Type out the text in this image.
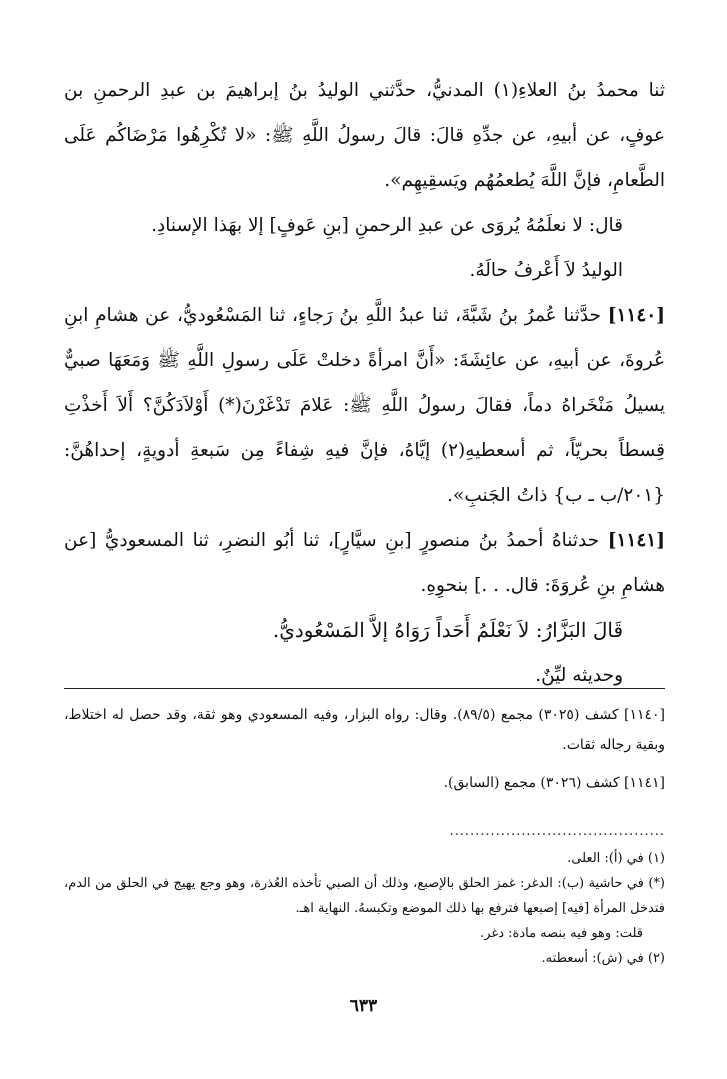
ثنا محمدُ بنُ العلاءِ(١) المدنيُّ، حدَّثني الوليدُ بنُ إبراهيمَ بن عبدِ الرحمنِ بن عوفٍ، عن أبيهِ، عن جدِّهِ قالَ: قالَ رسولُ اللَّهِ ﷺ: «لا تُكْرِهُوا مَرْضَاكُم عَلَى الطَّعامِ، فإنَّ اللَّهَ يُطعمُهُم ويَسقِيهِم».

قال: لا نعلَمُهُ يُروَى عن عبدِ الرحمنِ [بنِ عَوفٍ] إلا بهَذا الإسنادِ.

الوليدُ لاَ أَعْرفُ حالَهُ.

[١١٤٠] حدَّثنا عُمرُ بنُ شَبَّةَ، ثنا عبدُ اللَّهِ بنُ رَجاءٍ، ثنا المَسْعُوديُّ، عن هشامِ ابنِ عُروةَ، عن أبيهِ، عن عائِشَةَ: «أَنَّ امرأةً دخلتْ عَلَى رسولِ اللَّهِ ﷺ وَمَعَهَا صبيٌّ يسيلُ مَنْخَراهُ دماً، فقالَ رسولُ اللَّهِ ﷺ: عَلامَ تَدْغَرْنَ(*) أَوْلاَدَكُنَّ؟ أَلاَ أَخذْتِ قِسطاً بحريّاً، ثم أسعطيهِ(٢) إيَّاهُ، فإنَّ فيهِ شِفاءً مِن سَبعةِ أدويةٍ، إحداهُنَّ: {٢٠١/ب ـ ب} ذاتُ الجَنبِ».

[١١٤١] حدثناهُ أحمدُ بنُ منصورٍ [بنِ سيَّارٍ]، ثنا أبُو النضرِ، ثنا المسعوديُّ [عن هشامِ بنِ عُروَةَ: قال. . .] بنحوِهِ.

قَالَ البَزَّارُ: لاَ نَعْلَمُ أَحَداً رَوَاهُ إلاَّ المَسْعُوديُّ.

وحديثه ليِّنٌ.

[١١٤٠] كشف (٣٠٢٥) مجمع (٨٩/٥). وقال: رواه البزار، وفيه المسعودي وهو ثقة، وقد حصل له اختلاط، وبقية رجاله ثقات.

[١١٤١] كشف (٣٠٢٦) مجمع (السابق).

..........................................

(١) في (أ): العلى.

(*) في حاشية (ب): الدغر: غمز الحلق بالإصبع، وذلك أن الصبي تأخذه العُذرة، وهو وجع يهيج في الحلق من الدم، فتدخل المرأة [فيه] إصبعها فترفع بها ذلك الموضع وتكبسهُ. النهاية اهـ.

قلت: وهو فيه بنصه مادة: دغر.

(٢) في (ش): أسعطته.

٦٣٣
